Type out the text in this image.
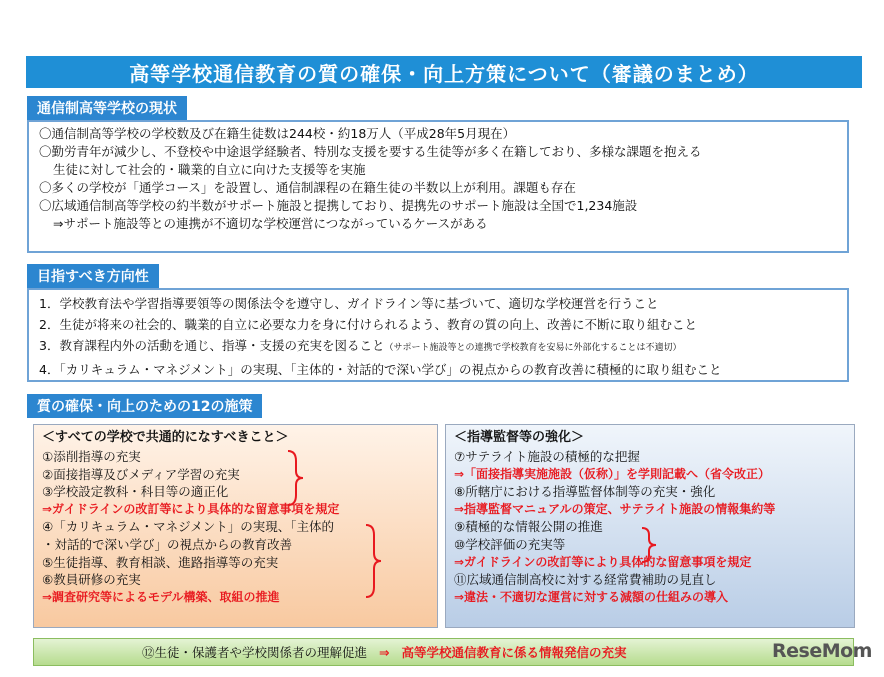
高等学校通信教育の質の確保・向上方策について（審議のまとめ）
通信制高等学校の現状
〇通信制高等学校の学校数及び在籍生徒数は244校・約18万人（平成28年5月現在）
〇勤労青年が減少し、不登校や中途退学経験者、特別な支援を要する生徒等が多く在籍しており、多様な課題を抱える
生徒に対して社会的・職業的自立に向けた支援等を実施
〇多くの学校が「通学コース」を設置し、通信制課程の在籍生徒の半数以上が利用。課題も存在
〇広域通信制高等学校の約半数がサポート施設と提携しており、提携先のサポート施設は全国で1,234施設
⇒サポート施設等との連携が不適切な学校運営につながっているケースがある
目指すべき方向性
1．学校教育法や学習指導要領等の関係法令を遵守し、ガイドライン等に基づいて、適切な学校運営を行うこと
2．生徒が将来の社会的、職業的自立に必要な力を身に付けられるよう、教育の質の向上、改善に不断に取り組むこと
3．教育課程内外の活動を通じ、指導・支援の充実を図ること（サポート施設等との連携で学校教育を安易に外部化することは不適切）
4．「カリキュラム・マネジメント」の実現、「主体的・対話的で深い学び」の視点からの教育改善に積極的に取り組むこと
質の確保・向上のための12の施策
＜すべての学校で共通的になすべきこと＞
①添削指導の充実
②面接指導及びメディア学習の充実
③学校設定教科・科目等の適正化
⇒ガイドラインの改訂等により具体的な留意事項を規定
④「カリキュラム・マネジメント」の実現、「主体的
・対話的で深い学び」の視点からの教育改善
⑤生徒指導、教育相談、進路指導等の充実
⑥教員研修の充実
⇒調査研究等によるモデル構築、取組の推進
＜指導監督等の強化＞
⑦サテライト施設の積極的な把握
⇒「面接指導実施施設（仮称）」を学則記載へ（省令改正）
⑧所轄庁における指導監督体制等の充実・強化
⇒指導監督マニュアルの策定、サテライト施設の情報集約等
⑨積極的な情報公開の推進
⑩学校評価の充実等
⇒ガイドラインの改訂等により具体的な留意事項を規定
⑪広域通信制高校に対する経常費補助の見直し
⇒違法・不適切な運営に対する減額の仕組みの導入
⑫生徒・保護者や学校関係者の理解促進 ⇒ 高等学校通信教育に係る情報発信の充実	ReseMom
